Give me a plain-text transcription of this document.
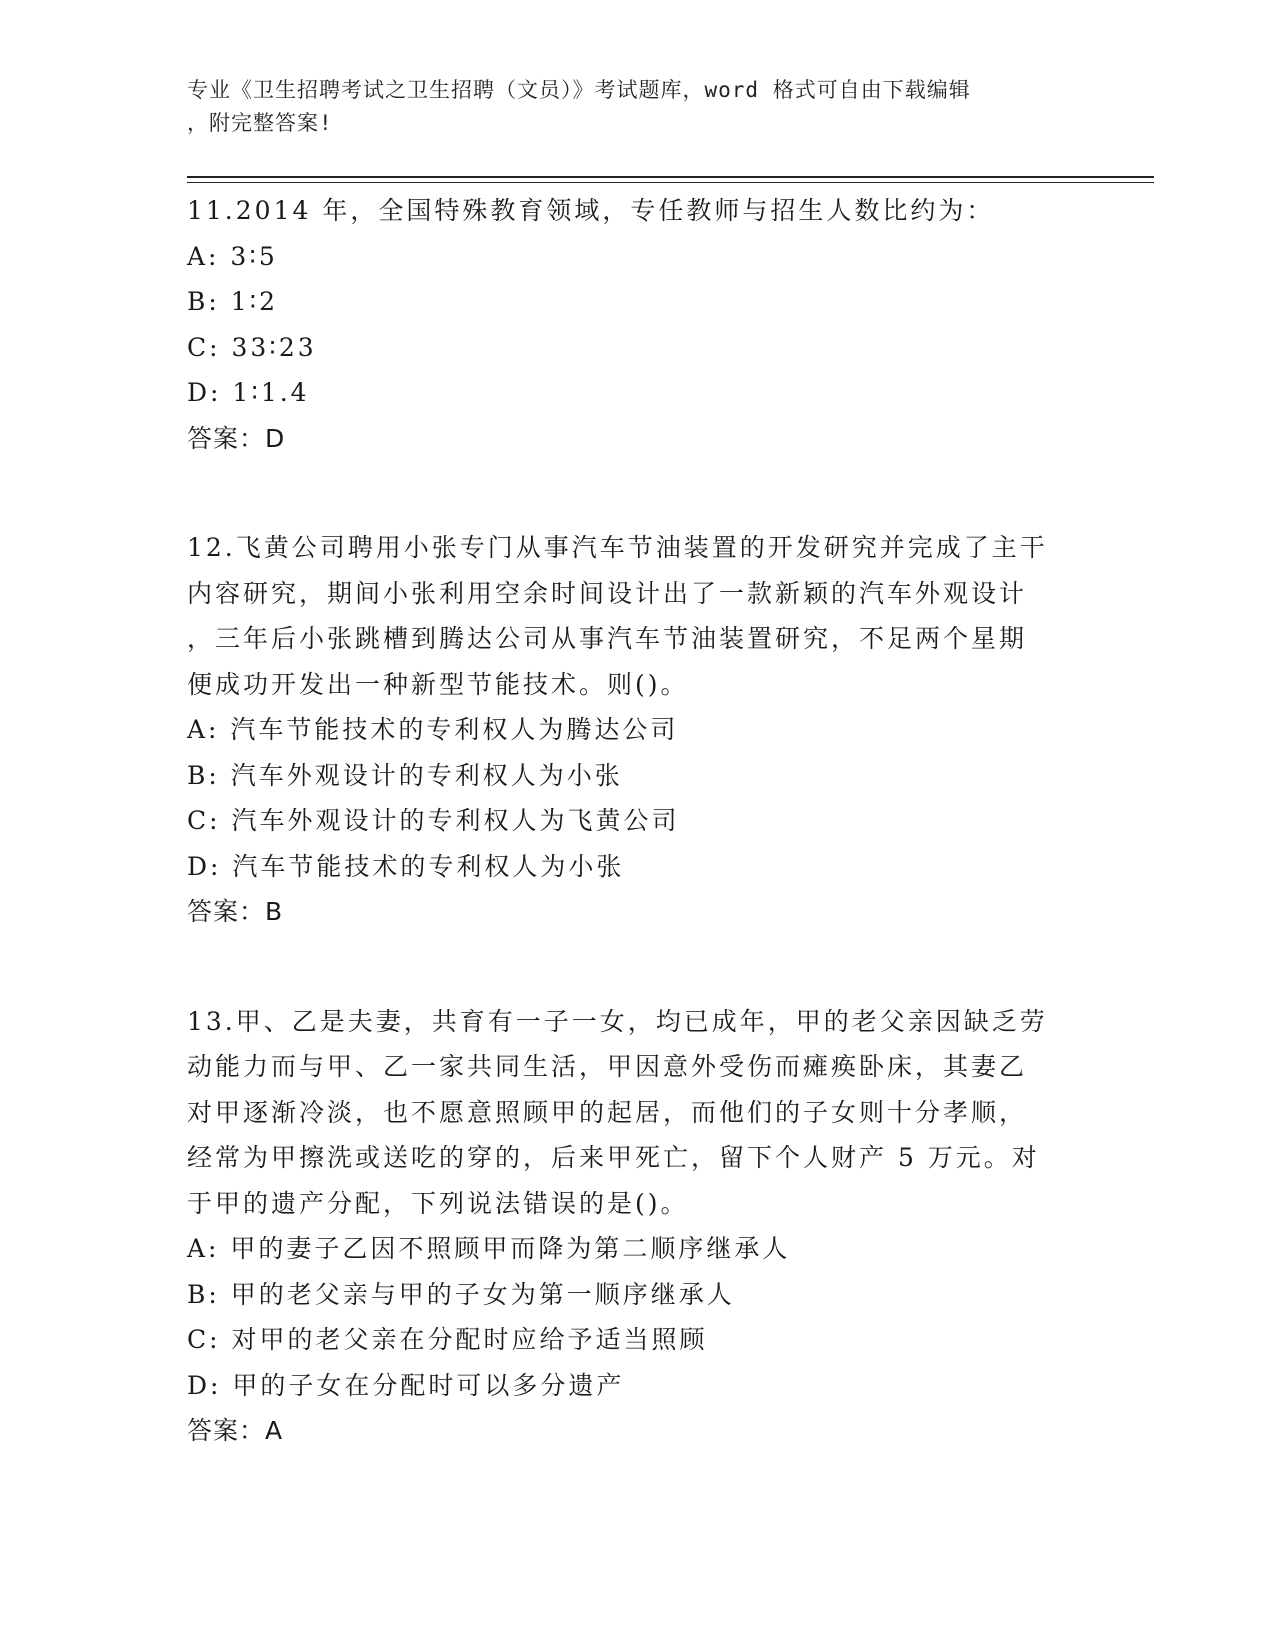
专业《卫生招聘考试之卫生招聘（文员）》考试题库，word 格式可自由下载编辑
，附完整答案!

11.2014 年，全国特殊教育领域，专任教师与招生人数比约为：

A: 3∶5

B: 1∶2

C: 33∶23

D: 1∶1.4

答案：D

12.飞黄公司聘用小张专门从事汽车节油装置的开发研究并完成了主干

内容研究，期间小张利用空余时间设计出了一款新颖的汽车外观设计

，三年后小张跳槽到腾达公司从事汽车节油装置研究，不足两个星期

便成功开发出一种新型节能技术。则()。

A: 汽车节能技术的专利权人为腾达公司

B: 汽车外观设计的专利权人为小张

C: 汽车外观设计的专利权人为飞黄公司

D: 汽车节能技术的专利权人为小张

答案：B

13.甲、乙是夫妻，共育有一子一女，均已成年，甲的老父亲因缺乏劳

动能力而与甲、乙一家共同生活，甲因意外受伤而瘫痪卧床，其妻乙

对甲逐渐冷淡，也不愿意照顾甲的起居，而他们的子女则十分孝顺，

经常为甲擦洗或送吃的穿的，后来甲死亡，留下个人财产 5 万元。对

于甲的遗产分配，下列说法错误的是()。

A: 甲的妻子乙因不照顾甲而降为第二顺序继承人

B: 甲的老父亲与甲的子女为第一顺序继承人

C: 对甲的老父亲在分配时应给予适当照顾

D: 甲的子女在分配时可以多分遗产

答案：A
